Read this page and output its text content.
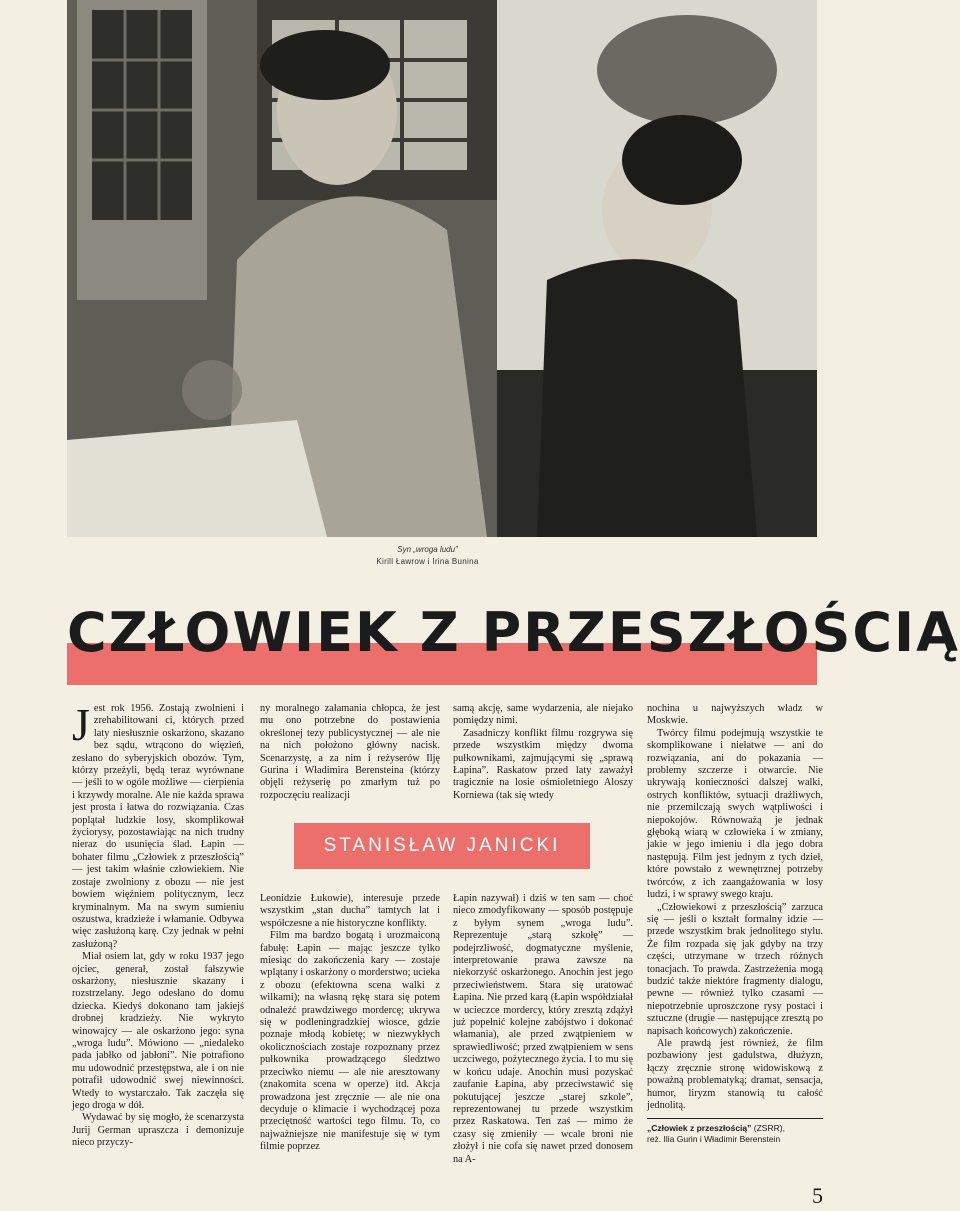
Syn „wroga ludu”
Kirill Ławrow i Irina Bunina
CZŁOWIEK Z PRZESZŁOŚCIĄ

Jest rok 1956. Zostają zwolnieni i zrehabilitowani ci, których przed laty niesłusznie oskarżono, skazano bez sądu, wtrącono do więzień, zesłano do syberyjskich obozów. Tym, którzy przeżyli, będą teraz wyrównane — jeśli to w ogóle możliwe — cierpienia i krzywdy moralne. Ale nie każda sprawa jest prosta i łatwa do rozwiązania. Czas poplątał ludzkie losy, skomplikował życiorysy, pozostawiając na nich trudny nieraz do usunięcia ślad. Łapin — bohater filmu „Człowiek z przeszłością” — jest takim właśnie człowiekiem. Nie zostaje zwolniony z obozu — nie jest bowiem więźniem politycznym, lecz kryminalnym. Ma na swym sumieniu oszustwa, kradzieże i włamanie. Odbywa więc zasłużoną karę. Czy jednak w pełni zasłużoną?

Miał osiem lat, gdy w roku 1937 jego ojciec, generał, został fałszywie oskarżony, niesłusznie skazany i rozstrzelany. Jego odesłano do domu dziecka. Kiedyś dokonano tam jakiejś drobnej kradzieży. Nie wykryto winowajcy — ale oskarżono jego: syna „wroga ludu”. Mówiono — „niedaleko pada jabłko od jabłoni”. Nie potrafiono mu udowodnić przestępstwa, ale i on nie potrafił udowodnić swej niewinności. Wtedy to wystarczało. Tak zaczęła się jego droga w dół.

Wydawać by się mogło, że scenarzysta Jurij German upraszcza i demonizuje nieco przyczy-

ny moralnego załamania chłopca, że jest mu ono potrzebne do postawienia określonej tezy publicystycznej — ale nie na nich położono główny nacisk. Scenarzystę, a za nim i reżyserów Ilję Gurina i Władimira Berensteina (którzy objęli reżyserię po zmarłym tuż po rozpoczęciu realizacji

samą akcję, same wydarzenia, ale niejako pomiędzy nimi.

Zasadniczy konflikt filmu rozgrywa się przede wszystkim między dwoma pułkownikami, zajmującymi się „sprawą Łapina”. Raskatow przed laty zaważył tragicznie na losie ośmioletniego Aloszy Korniewa (tak się wtedy

STANISŁAW JANICKI

Leonidzie Łukowie), interesuje przede wszystkim „stan ducha” tamtych lat i współczesne a nie historyczne konflikty.

Film ma bardzo bogatą i urozmaiconą fabułę: Łapin — mając jeszcze tylko miesiąc do zakończenia kary — zostaje wplątany i oskarżony o morderstwo; ucieka z obozu (efektowna scena walki z wilkami); na własną rękę stara się potem odnaleźć prawdziwego mordercę; ukrywa się w podleningradzkiej wiosce, gdzie poznaje młodą kobietę; w niezwykłych okolicznościach zostaje rozpoznany przez pułkownika prowadzącego śledztwo przeciwko niemu — ale nie aresztowany (znakomita scena w operze) itd. Akcja prowadzona jest zręcznie — ale nie ona decyduje o klimacie i wychodzącej poza przeciętność wartości tego filmu. To, co najważniejsze nie manifestuje się w tym filmie poprzez

Łapin nazywał) i dziś w ten sam — choć nieco zmodyfikowany — sposób postępuje z byłym synem „wroga ludu”. Reprezentuje „starą szkołę” — podejrzliwość, dogmatyczne myślenie, interpretowanie prawa zawsze na niekorzyść oskarżonego. Anochin jest jego przeciwieństwem. Stara się uratować Łapina. Nie przed karą (Łapin współdziałał w ucieczce mordercy, który zresztą zdążył już popełnić kolejne zabójstwo i dokonać włamania), ale przed zwątpieniem w sprawiedliwość; przed zwątpieniem w sens uczciwego, pożytecznego życia. I to mu się w końcu udaje. Anochin musi pozyskać zaufanie Łapina, aby przeciwstawić się pokutującej jeszcze „starej szkole”, reprezentowanej tu przede wszystkim przez Raskatowa. Ten zaś — mimo że czasy się zmieniły — wcale broni nie złożył i nie cofa się nawet przed donosem na A-

nochina u najwyższych władz w Moskwie.

Twórcy filmu podejmują wszystkie te skomplikowane i niełatwe — ani do rozwiązania, ani do pokazania — problemy szczerze i otwarcie. Nie ukrywają konieczności dalszej walki, ostrych konfliktów, sytuacji drażliwych, nie przemilczają swych wątpliwości i niepokojów. Równoważą je jednak głęboką wiarą w człowieka i w zmiany, jakie w jego imieniu i dla jego dobra następują. Film jest jednym z tych dzieł, które powstało z wewnętrznej potrzeby twórców, z ich zaangażowania w losy ludzi, i w sprawy swego kraju.

„Człowiekowi z przeszłością” zarzuca się — jeśli o kształt formalny idzie — przede wszystkim brak jednolitego stylu. Że film rozpada się jak gdyby na trzy części, utrzymane w trzech różnych tonacjach. To prawda. Zastrzeżenia mogą budzić także niektóre fragmenty dialogu, pewne — również tylko czasami — niepotrzebnie uproszczone rysy postaci i sztuczne (drugie — następujące zresztą po napisach końcowych) zakończenie.

Ale prawdą jest również, że film pozbawiony jest gadulstwa, dłużyzn, łączy zręcznie stronę widowiskową z poważną problematyką; dramat, sensacja, humor, liryzm stanowią tu całość jednolitą.

„Człowiek z przeszłością” (ZSRR),
reż. Ilia Gurin i Władimir Berenstein
5
